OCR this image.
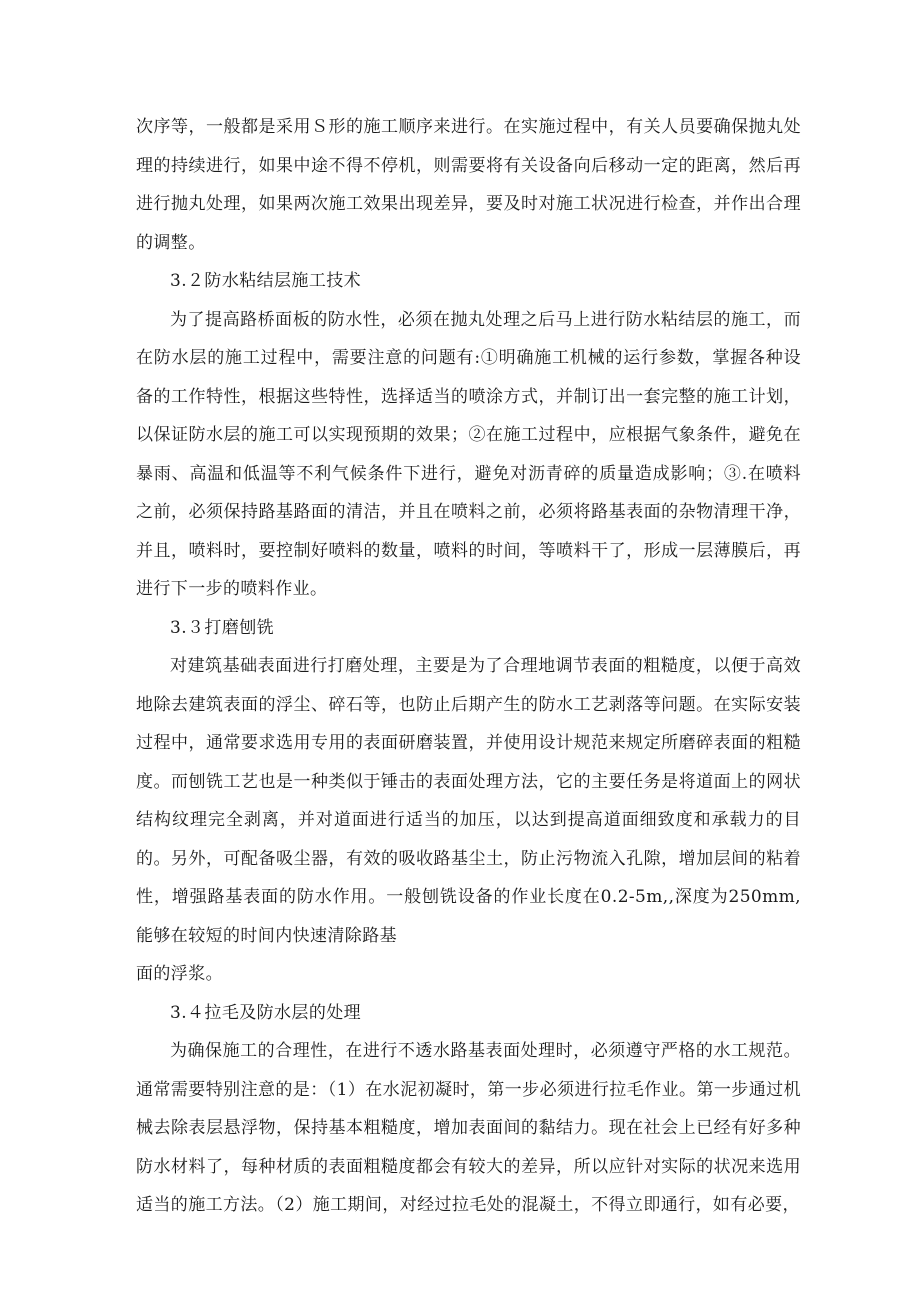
次序等，一般都是采用Ｓ形的施工顺序来进行。在实施过程中，有关人员要确保抛丸处理的持续进行，如果中途不得不停机，则需要将有关设备向后移动一定的距离，然后再进行抛丸处理，如果两次施工效果出现差异，要及时对施工状况进行检查，并作出合理的调整。

3.２防水粘结层施工技术

为了提高路桥面板的防水性，必须在抛丸处理之后马上进行防水粘结层的施工，而在防水层的施工过程中，需要注意的问题有:①明确施工机械的运行参数，掌握各种设备的工作特性，根据这些特性，选择适当的喷涂方式，并制订出一套完整的施工计划，以保证防水层的施工可以实现预期的效果；②在施工过程中，应根据气象条件，避免在暴雨、高温和低温等不利气候条件下进行，避免对沥青碎的质量造成影响；③.在喷料之前，必须保持路基路面的清洁，并且在喷料之前，必须将路基表面的杂物清理干净，并且，喷料时，要控制好喷料的数量，喷料的时间，等喷料干了，形成一层薄膜后，再进行下一步的喷料作业。

3.３打磨刨铣

对建筑基础表面进行打磨处理，主要是为了合理地调节表面的粗糙度，以便于高效地除去建筑表面的浮尘、碎石等，也防止后期产生的防水工艺剥落等问题。在实际安装过程中，通常要求选用专用的表面研磨装置，并使用设计规范来规定所磨碎表面的粗糙度。而刨铣工艺也是一种类似于锤击的表面处理方法，它的主要任务是将道面上的网状结构纹理完全剥离，并对道面进行适当的加压，以达到提高道面细致度和承载力的目的。另外，可配备吸尘器，有效的吸收路基尘土，防止污物流入孔隙，增加层间的粘着性，增强路基表面的防水作用。一般刨铣设备的作业长度在0.2-5m,,深度为250mm,能够在较短的时间内快速清除路基

面的浮浆。

3.４拉毛及防水层的处理

为确保施工的合理性，在进行不透水路基表面处理时，必须遵守严格的水工规范。通常需要特别注意的是：（1）在水泥初凝时，第一步必须进行拉毛作业。第一步通过机械去除表层悬浮物，保持基本粗糙度，增加表面间的黏结力。现在社会上已经有好多种防水材料了，每种材质的表面粗糙度都会有较大的差异，所以应针对实际的状况来选用适当的施工方法。（2）施工期间，对经过拉毛处的混凝土，不得立即通行，如有必要，
